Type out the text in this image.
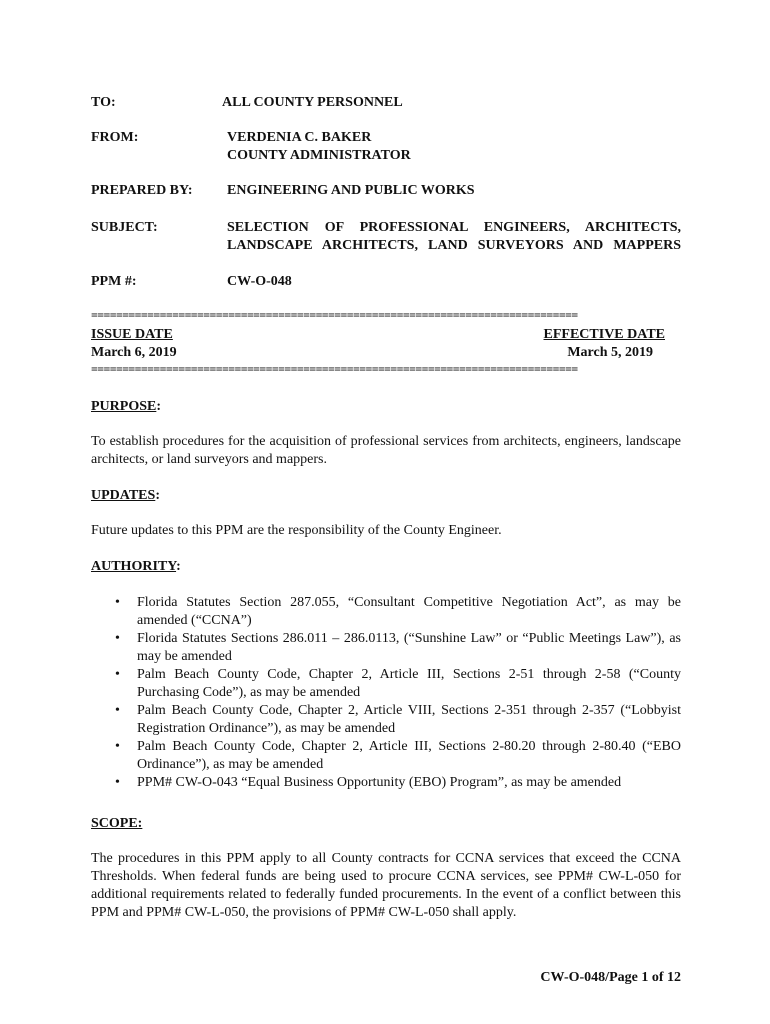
TO:	ALL COUNTY PERSONNEL
FROM:	VERDENIA C. BAKER
COUNTY ADMINISTRATOR
PREPARED BY: ENGINEERING AND PUBLIC WORKS
SUBJECT:	SELECTION OF PROFESSIONAL ENGINEERS, ARCHITECTS,
LANDSCAPE ARCHITECTS, LAND SURVEYORS AND MAPPERS
PPM #:	CW-O-048
==============================================================================
ISSUE DATE	EFFECTIVE DATE
March 6, 2019	March 5, 2019
==============================================================================
PURPOSE:
To establish procedures for the acquisition of professional services from architects, engineers, landscape architects, or land surveyors and mappers.
UPDATES:
Future updates to this PPM are the responsibility of the County Engineer.
AUTHORITY:
• Florida Statutes Section 287.055, “Consultant Competitive Negotiation Act”, as may be amended (“CCNA”)
• Florida Statutes Sections 286.011 – 286.0113, (“Sunshine Law” or “Public Meetings Law”), as may be amended
• Palm Beach County Code, Chapter 2, Article III, Sections 2-51 through 2-58 (“County Purchasing Code”), as may be amended
• Palm Beach County Code, Chapter 2, Article VIII, Sections 2-351 through 2-357 (“Lobbyist Registration Ordinance”), as may be amended
• Palm Beach County Code, Chapter 2, Article III, Sections 2-80.20 through 2-80.40 (“EBO Ordinance”), as may be amended
• PPM# CW-O-043 “Equal Business Opportunity (EBO) Program”, as may be amended
SCOPE:
The procedures in this PPM apply to all County contracts for CCNA services that exceed the CCNA Thresholds. When federal funds are being used to procure CCNA services, see PPM# CW-L-050 for additional requirements related to federally funded procurements. In the event of a conflict between this PPM and PPM# CW-L-050, the provisions of PPM# CW-L-050 shall apply.
CW-O-048/Page 1 of 12
